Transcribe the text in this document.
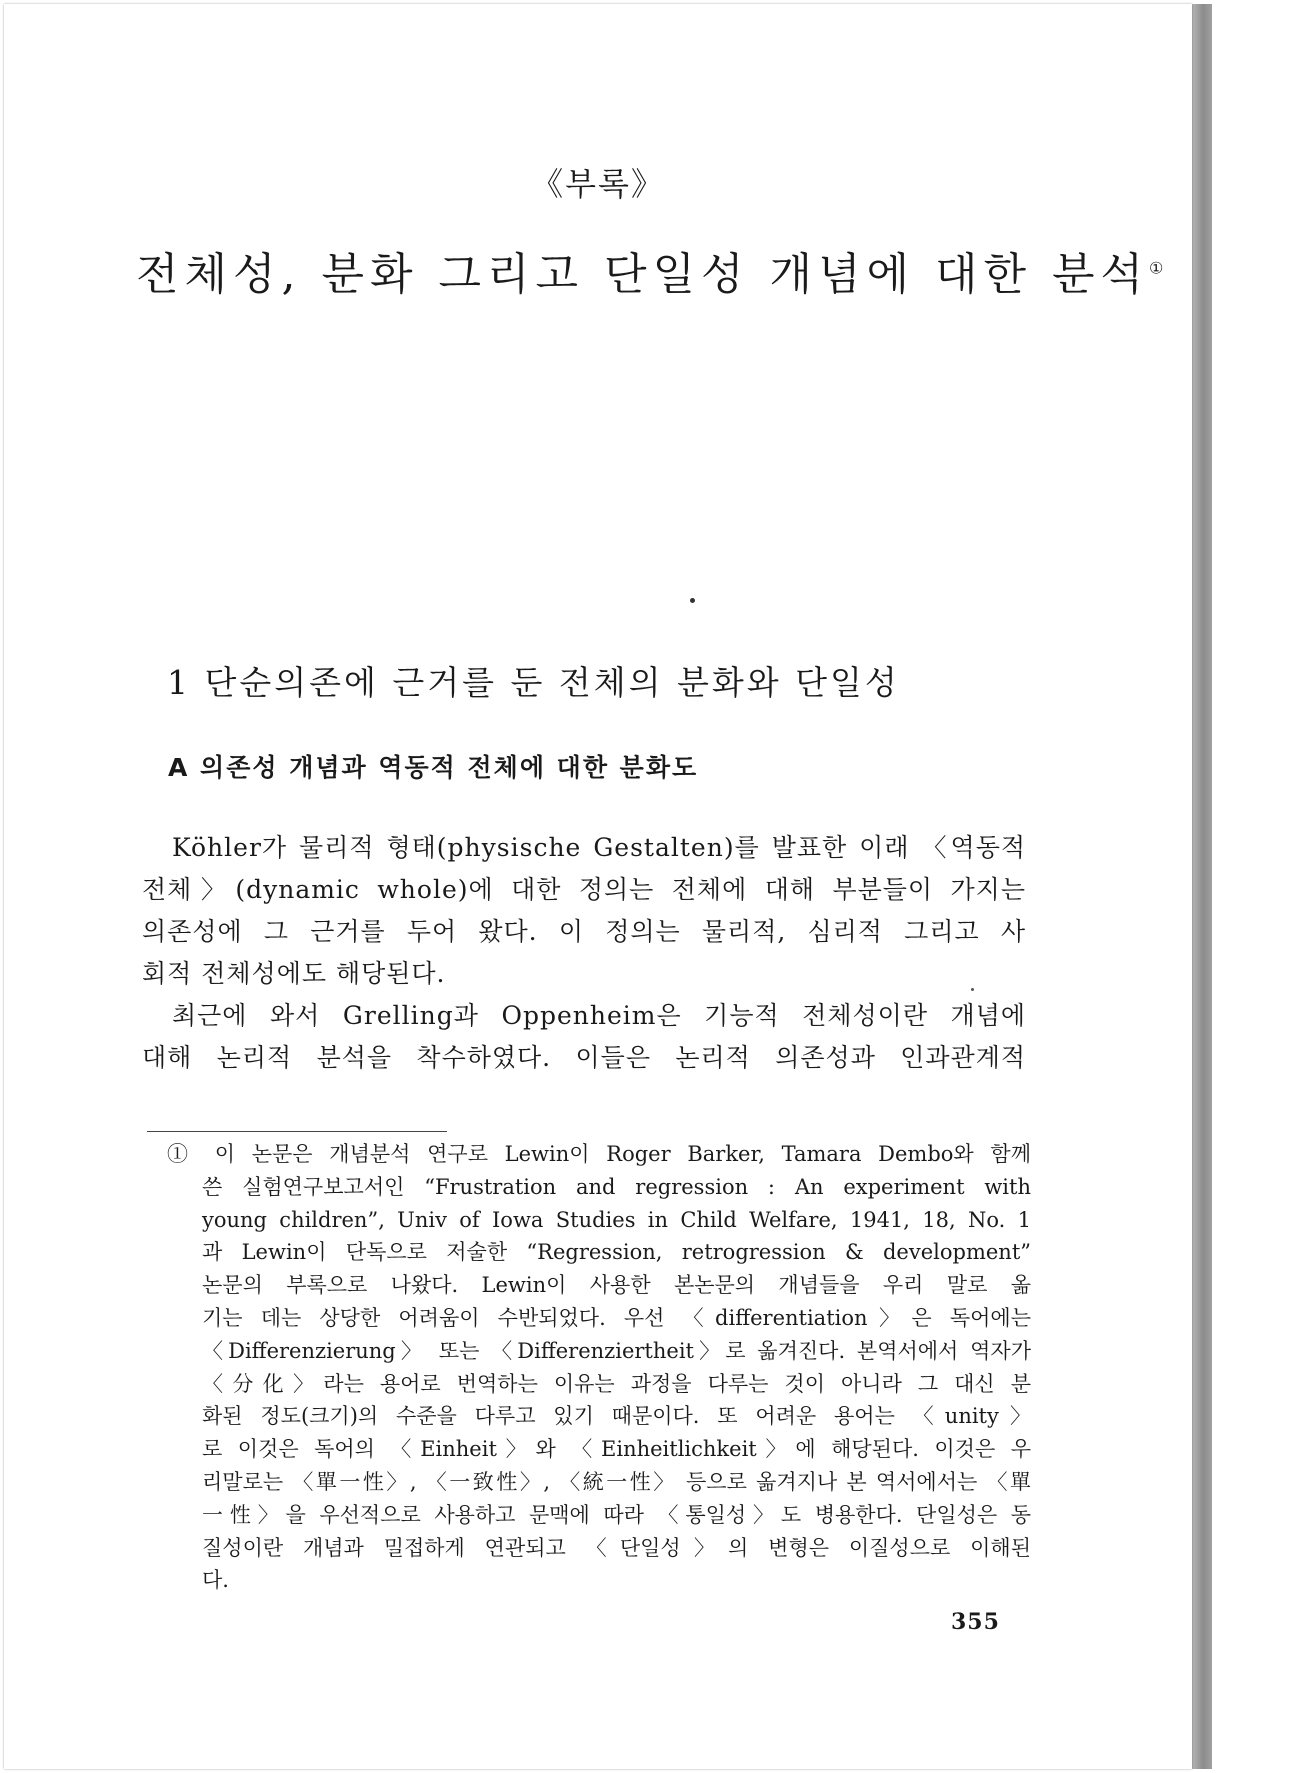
《부록》
전체성, 분화 그리고 단일성 개념에 대한 분석①
1 단순의존에 근거를 둔 전체의 분화와 단일성
A 의존성 개념과 역동적 전체에 대한 분화도
Köhler가 물리적 형태(physische Gestalten)를 발표한 이래 〈역동적
전체〉(dynamic whole)에 대한 정의는 전체에 대해 부분들이 가지는
의존성에 그 근거를 두어 왔다. 이 정의는 물리적, 심리적 그리고 사
회적 전체성에도 해당된다.
최근에 와서 Grelling과 Oppenheim은 기능적 전체성이란 개념에
대해 논리적 분석을 착수하였다. 이들은 논리적 의존성과 인과관계적
① 이 논문은 개념분석 연구로 Lewin이 Roger Barker, Tamara Dembo와 함께
쓴 실험연구보고서인 “Frustration and regression : An experiment with
young children”, Univ of Iowa Studies in Child Welfare, 1941, 18, No. 1
과 Lewin이 단독으로 저술한 “Regression, retrogression & development”
논문의 부록으로 나왔다. Lewin이 사용한 본논문의 개념들을 우리 말로 옮
기는 데는 상당한 어려움이 수반되었다. 우선 〈differentiation〉은 독어에는
〈Differenzierung〉 또는 〈Differenziertheit〉로 옮겨진다. 본역서에서 역자가
〈分化〉라는 용어로 번역하는 이유는 과정을 다루는 것이 아니라 그 대신 분
화된 정도(크기)의 수준을 다루고 있기 때문이다. 또 어려운 용어는 〈unity〉
로 이것은 독어의 〈Einheit〉와 〈Einheitlichkeit〉에 해당된다. 이것은 우
리말로는 〈單一性〉, 〈一致性〉, 〈統一性〉 등으로 옮겨지나 본 역서에서는 〈單
一性〉을 우선적으로 사용하고 문맥에 따라 〈통일성〉도 병용한다. 단일성은 동
질성이란 개념과 밀접하게 연관되고 〈단일성〉의 변형은 이질성으로 이해된
다.
355
